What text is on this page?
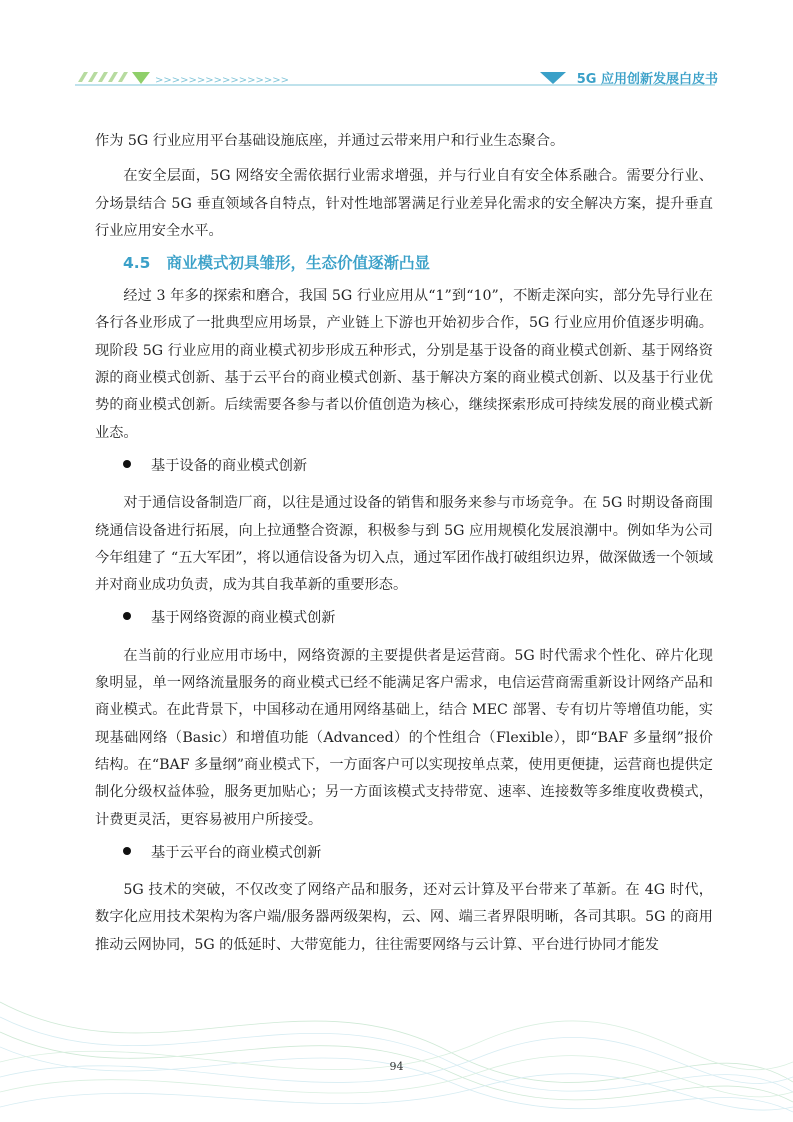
>>>>>>>>>>>>>>>>	5G 应用创新发展白皮书

作为 5G 行业应用平台基础设施底座，并通过云带来用户和行业生态聚合。

在安全层面，5G 网络安全需依据行业需求增强，并与行业自有安全体系融合。需要分行业、分场景结合 5G 垂直领域各自特点，针对性地部署满足行业差异化需求的安全解决方案，提升垂直行业应用安全水平。

4.5 商业模式初具雏形，生态价值逐渐凸显

经过 3 年多的探索和磨合，我国 5G 行业应用从“1”到“10”，不断走深向实，部分先导行业在各行各业形成了一批典型应用场景，产业链上下游也开始初步合作，5G 行业应用价值逐步明确。现阶段 5G 行业应用的商业模式初步形成五种形式，分别是基于设备的商业模式创新、基于网络资源的商业模式创新、基于云平台的商业模式创新、基于解决方案的商业模式创新、以及基于行业优势的商业模式创新。后续需要各参与者以价值创造为核心，继续探索形成可持续发展的商业模式新业态。

基于设备的商业模式创新

对于通信设备制造厂商，以往是通过设备的销售和服务来参与市场竞争。在 5G 时期设备商围绕通信设备进行拓展，向上拉通整合资源，积极参与到 5G 应用规模化发展浪潮中。例如华为公司今年组建了 “五大军团”，将以通信设备为切入点，通过军团作战打破组织边界，做深做透一个领域并对商业成功负责，成为其自我革新的重要形态。

基于网络资源的商业模式创新

在当前的行业应用市场中，网络资源的主要提供者是运营商。5G 时代需求个性化、碎片化现象明显，单一网络流量服务的商业模式已经不能满足客户需求，电信运营商需重新设计网络产品和商业模式。在此背景下，中国移动在通用网络基础上，结合 MEC 部署、专有切片等增值功能，实现基础网络（Basic）和增值功能（Advanced）的个性组合（Flexible），即“BAF 多量纲”报价结构。在“BAF 多量纲”商业模式下，一方面客户可以实现按单点菜，使用更便捷，运营商也提供定制化分级权益体验，服务更加贴心；另一方面该模式支持带宽、速率、连接数等多维度收费模式，计费更灵活，更容易被用户所接受。

基于云平台的商业模式创新

5G 技术的突破，不仅改变了网络产品和服务，还对云计算及平台带来了革新。在 4G 时代，数字化应用技术架构为客户端/服务器两级架构，云、网、端三者界限明晰，各司其职。5G 的商用推动云网协同，5G 的低延时、大带宽能力，往往需要网络与云计算、平台进行协同才能发

94
